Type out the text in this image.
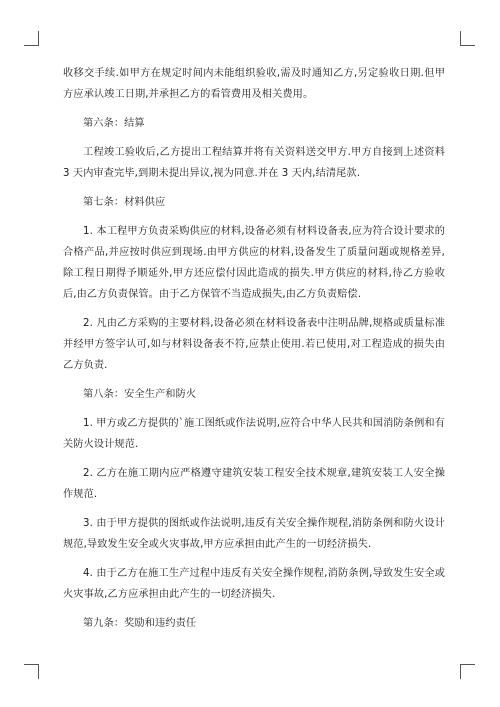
收移交手续.如甲方在规定时间内未能组织验收,需及时通知乙方,另定验收日期.但甲方应承认竣工日期,并承担乙方的看管费用及相关费用。

第六条：结算

工程竣工验收后,乙方提出工程结算并将有关资料送交甲方.甲方自接到上述资料 3 天内审查完毕,到期未提出异议,视为同意.并在 3 天内,结清尾款.

第七条：材料供应

1. 本工程甲方负责采购供应的材料,设备必须有材料设备表,应为符合设计要求的合格产品,并应按时供应到现场.由甲方供应的材料,设备发生了质量问题或规格差异,除工程日期得予顺延外,甲方还应偿付因此造成的损失.甲方供应的材料,待乙方验收后,由乙方负责保管。由于乙方保管不当造成损失,由乙方负责赔偿.

2. 凡由乙方采购的主要材料,设备必须在材料设备表中注明品牌,规格或质量标准并经甲方签字认可,如与材料设备表不符,应禁止使用.若已使用,对工程造成的损失由乙方负责.

第八条：安全生产和防火

1. 甲方或乙方提供的`施工图纸或作法说明,应符合中华人民共和国消防条例和有关防火设计规范.

2. 乙方在施工期内应严格遵守建筑安装工程安全技术规章,建筑安装工人安全操作规范.

3. 由于甲方提供的图纸或作法说明,违反有关安全操作规程,消防条例和防火设计规范,导致发生安全或火灾事故,甲方应承担由此产生的一切经济损失.

4. 由于乙方在施工生产过程中违反有关安全操作规程,消防条例,导致发生安全或火灾事故,乙方应承担由此产生的一切经济损失.

第九条：奖励和违约责任
